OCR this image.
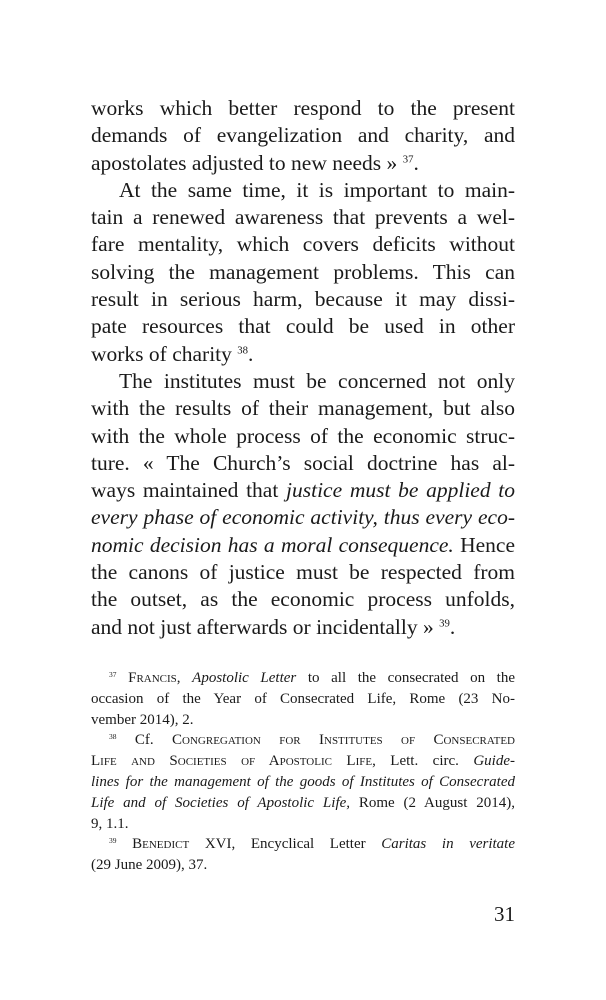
works which better respond to the present
demands of evangelization and charity, and
apostolates adjusted to new needs » $^{37}$.
At the same time, it is important to main-
tain a renewed awareness that prevents a wel-
fare mentality, which covers deficits without
solving the management problems. This can
result in serious harm, because it may dissi-
pate resources that could be used in other
works of charity $^{38}$.
The institutes must be concerned not only
with the results of their management, but also
with the whole process of the economic struc-
ture. « The Church’s social doctrine has al-
ways maintained that justice must be applied to
every phase of economic activity, thus every eco-
nomic decision has a moral consequence. Hence
the canons of justice must be respected from
the outset, as the economic process unfolds,
and not just afterwards or incidentally » $^{39}$.
$^{37}$ Francis, Apostolic Letter to all the consecrated on the
occasion of the Year of Consecrated Life, Rome (23 No-
vember 2014), 2.
$^{38}$ Cf. Congregation for Institutes of Consecrated
Life and Societies of Apostolic Life, Lett. circ. Guide-
lines for the management of the goods of Institutes of Consecrated
Life and of Societies of Apostolic Life, Rome (2 August 2014),
9, 1.1.
$^{39}$ Benedict XVI, Encyclical Letter Caritas in veritate
(29 June 2009), 37.
31
